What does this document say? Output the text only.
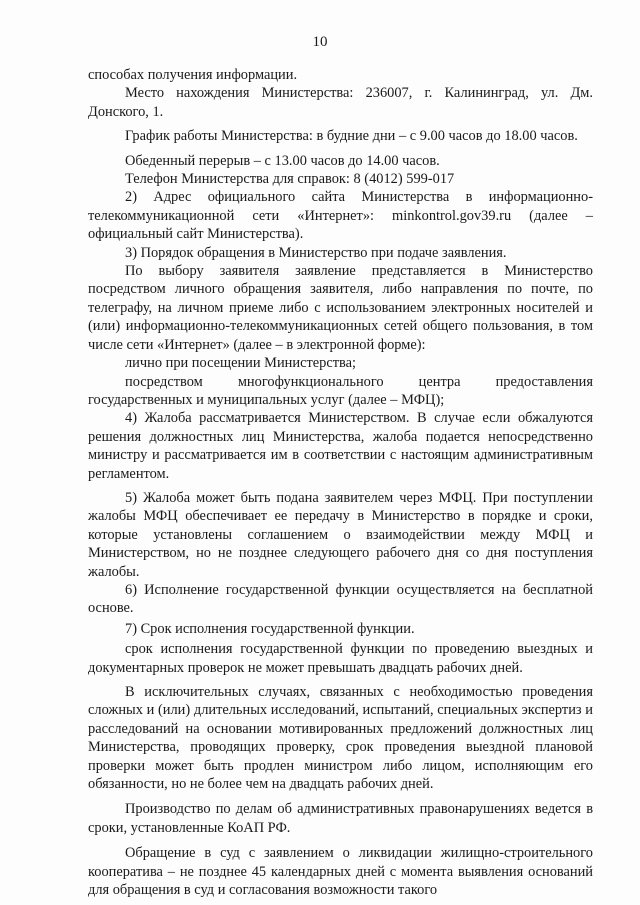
10

способах получения информации.

Место нахождения Министерства: 236007, г. Калининград, ул. Дм. Донского, 1.

График работы Министерства: в будние дни – с 9.00 часов до 18.00 часов.

Обеденный перерыв – с 13.00 часов до 14.00 часов.

Телефон Министерства для справок: 8 (4012) 599-017

2) Адрес официального сайта Министерства в информационно-телекоммуникационной сети «Интернет»: minkontrol.gov39.ru (далее – официальный сайт Министерства).

3) Порядок обращения в Министерство при подаче заявления.

По выбору заявителя заявление представляется в Министерство посредством личного обращения заявителя, либо направления по почте, по телеграфу, на личном приеме либо с использованием электронных носителей и (или) информационно-телекоммуникационных сетей общего пользования, в том числе сети «Интернет» (далее – в электронной форме):

лично при посещении Министерства;

посредством многофункционального центра предоставления государственных и муниципальных услуг (далее – МФЦ);

4) Жалоба рассматривается Министерством. В случае если обжалуются решения должностных лиц Министерства, жалоба подается непосредственно министру и рассматривается им в соответствии с настоящим административным регламентом.

5) Жалоба может быть подана заявителем через МФЦ. При поступлении жалобы МФЦ обеспечивает ее передачу в Министерство в порядке и сроки, которые установлены соглашением о взаимодействии между МФЦ и Министерством, но не позднее следующего рабочего дня со дня поступления жалобы.

6) Исполнение государственной функции осуществляется на бесплатной основе.

7) Срок исполнения государственной функции.

срок исполнения государственной функции по проведению выездных и документарных проверок не может превышать двадцать рабочих дней.

В исключительных случаях, связанных с необходимостью проведения сложных и (или) длительных исследований, испытаний, специальных экспертиз и расследований на основании мотивированных предложений должностных лиц Министерства, проводящих проверку, срок проведения выездной плановой проверки может быть продлен министром либо лицом, исполняющим его обязанности, но не более чем на двадцать рабочих дней.

Производство по делам об административных правонарушениях ведется в сроки, установленные КоАП РФ.

Обращение в суд с заявлением о ликвидации жилищно-строительного кооператива – не позднее 45 календарных дней с момента выявления оснований для обращения в суд и согласования возможности такого
